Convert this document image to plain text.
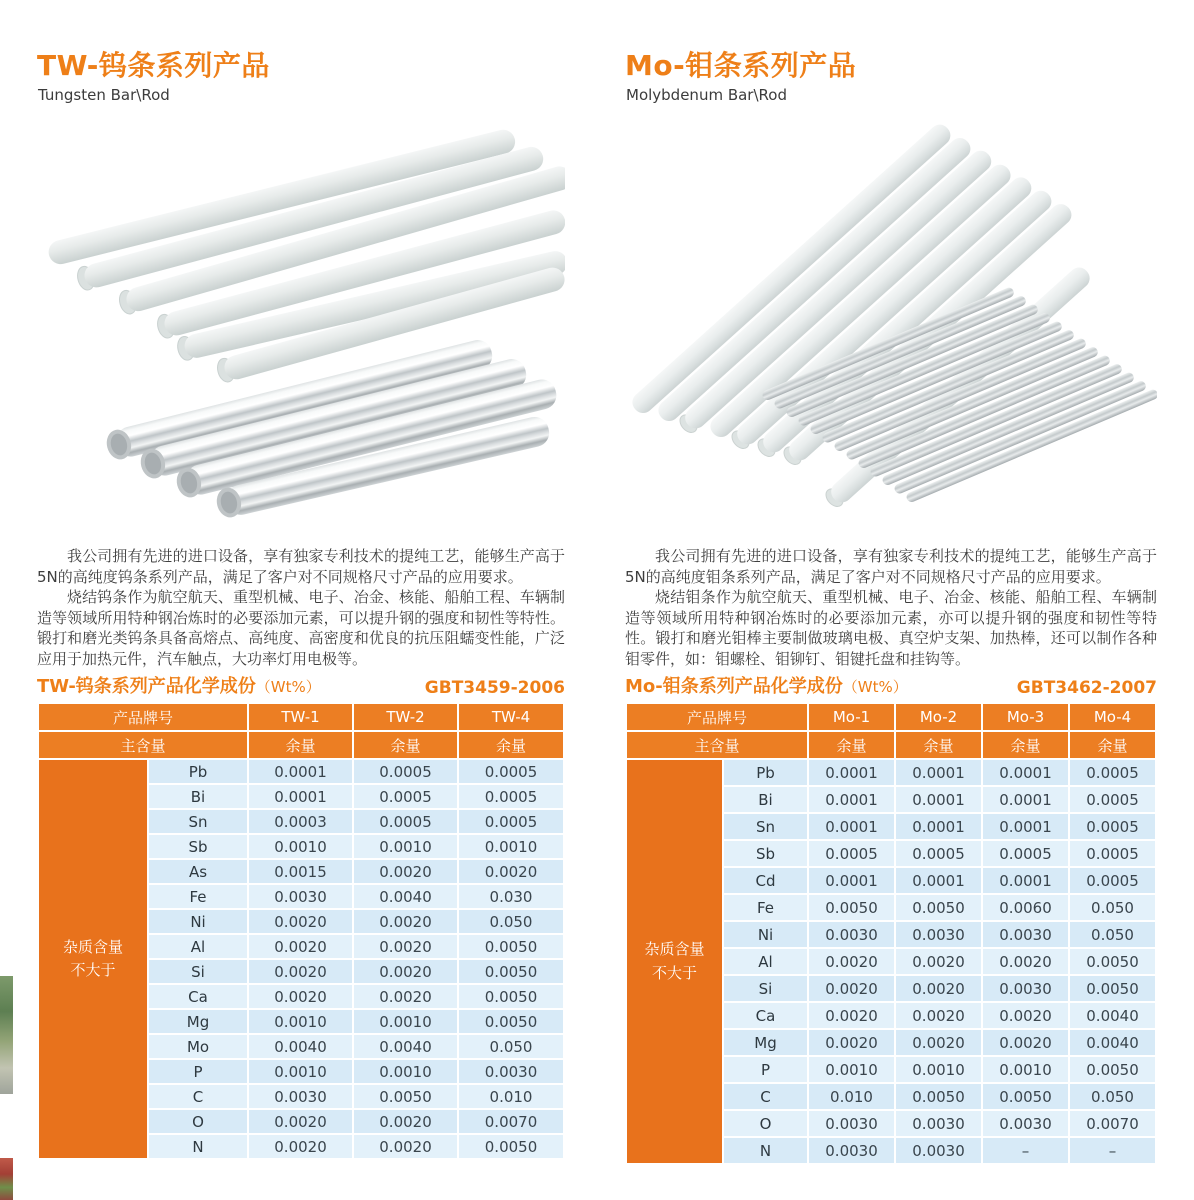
TW-钨条系列产品
Tungsten Bar\Rod

我公司拥有先进的进口设备，享有独家专利技术的提纯工艺，能够生产高于5N的高纯度钨条系列产品，满足了客户对不同规格尺寸产品的应用要求。

烧结钨条作为航空航天、重型机械、电子、冶金、核能、船舶工程、车辆制造等领域所用特种钢冶炼时的必要添加元素，可以提升钢的强度和韧性等特性。锻打和磨光类钨条具备高熔点、高纯度、高密度和优良的抗压阻蠕变性能，广泛应用于加热元件，汽车触点，大功率灯用电极等。

TW-钨条系列产品化学成份（Wt%）	GBT3459-2006
产品牌号		TW-1	TW-2	TW-4
主含量		余量	余量	余量
杂质含量
不大于	Pb	0.0001	0.0005	0.0005
	Bi	0.0001	0.0005	0.0005
	Sn	0.0003	0.0005	0.0005
	Sb	0.0010	0.0010	0.0010
	As	0.0015	0.0020	0.0020
	Fe	0.0030	0.0040	0.030
	Ni	0.0020	0.0020	0.050
	Al	0.0020	0.0020	0.0050
	Si	0.0020	0.0020	0.0050
	Ca	0.0020	0.0020	0.0050
	Mg	0.0010	0.0010	0.0050
	Mo	0.0040	0.0040	0.050
	P	0.0010	0.0010	0.0030
	C	0.0030	0.0050	0.010
	O	0.0020	0.0020	0.0070
	N	0.0020	0.0020	0.0050
Mo-钼条系列产品
Molybdenum Bar\Rod

我公司拥有先进的进口设备，享有独家专利技术的提纯工艺，能够生产高于5N的高纯度钼条系列产品，满足了客户对不同规格尺寸产品的应用要求。

烧结钼条作为航空航天、重型机械、电子、冶金、核能、船舶工程、车辆制造等领域所用特种钢冶炼时的必要添加元素，亦可以提升钢的强度和韧性等特性。锻打和磨光钼棒主要制做玻璃电极、真空炉支架、加热棒，还可以制作各种钼零件，如：钼螺栓、钼铆钉、钼键托盘和挂钩等。

Mo-钼条系列产品化学成份（Wt%）	GBT3462-2007
产品牌号		Mo-1	Mo-2	Mo-3	Mo-4
主含量		余量	余量	余量	余量
杂质含量
不大于	Pb	0.0001	0.0001	0.0001	0.0005
	Bi	0.0001	0.0001	0.0001	0.0005
	Sn	0.0001	0.0001	0.0001	0.0005
	Sb	0.0005	0.0005	0.0005	0.0005
	Cd	0.0001	0.0001	0.0001	0.0005
	Fe	0.0050	0.0050	0.0060	0.050
	Ni	0.0030	0.0030	0.0030	0.050
	Al	0.0020	0.0020	0.0020	0.0050
	Si	0.0020	0.0020	0.0030	0.0050
	Ca	0.0020	0.0020	0.0020	0.0040
	Mg	0.0020	0.0020	0.0020	0.0040
	P	0.0010	0.0010	0.0010	0.0050
	C	0.010	0.0050	0.0050	0.050
	O	0.0030	0.0030	0.0030	0.0070
	N	0.0030	0.0030	–	–
